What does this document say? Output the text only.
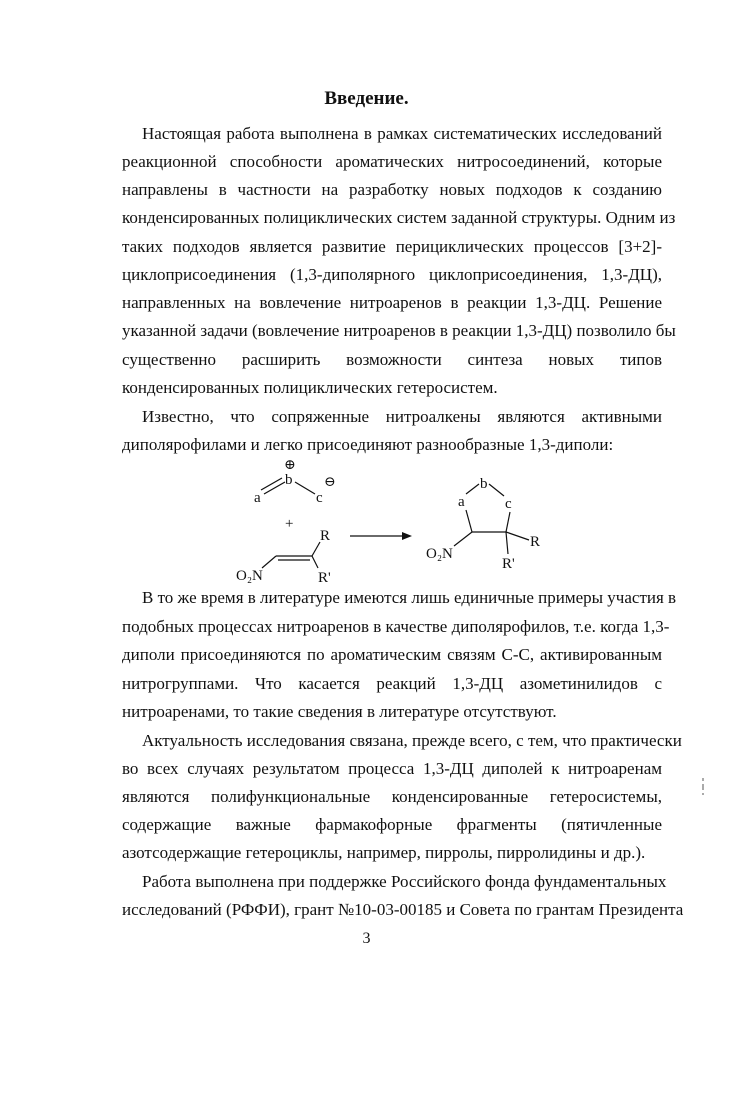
Введение.
Настоящая работа выполнена в рамках систематических исследований
реакционной способности ароматических нитросоединений, которые
направлены в частности на разработку новых подходов к созданию
конденсированных полициклических систем заданной структуры. Одним из
таких подходов является развитие перициклических процессов [3+2]-
циклоприсоединения (1,3-диполярного циклоприсоединения, 1,3-ДЦ),
направленных на вовлечение нитроаренов в реакции 1,3-ДЦ. Решение
указанной задачи (вовлечение нитроаренов в реакции 1,3-ДЦ) позволило бы
существенно расширить возможности синтеза новых типов
конденсированных полициклических гетеросистем.
Известно, что сопряженные нитроалкены являются активными
диполярофилами и легко присоединяют разнообразные 1,3-диполи:
a
b
c
⊕
⊖
+
O₂N
R
R'
b
a	c
O₂N
R
R'
В то же время в литературе имеются лишь единичные примеры участия в
подобных процессах нитроаренов в качестве диполярофилов, т.е. когда 1,3-
диполи присоединяются по ароматическим связям С-С, активированным
нитрогруппами. Что касается реакций 1,3-ДЦ азометинилидов с
нитроаренами, то такие сведения в литературе отсутствуют.
Актуальность исследования связана, прежде всего, с тем, что практически
во всех случаях результатом процесса 1,3-ДЦ диполей к нитроаренам
являются полифункциональные конденсированные гетеросистемы,
содержащие важные фармакофорные фрагменты (пятичленные
азотсодержащие гетероциклы, например, пирролы, пирролидины и др.).
Работа выполнена при поддержке Российского фонда фундаментальных
исследований (РФФИ), грант №10-03-00185 и Совета по грантам Президента
3
